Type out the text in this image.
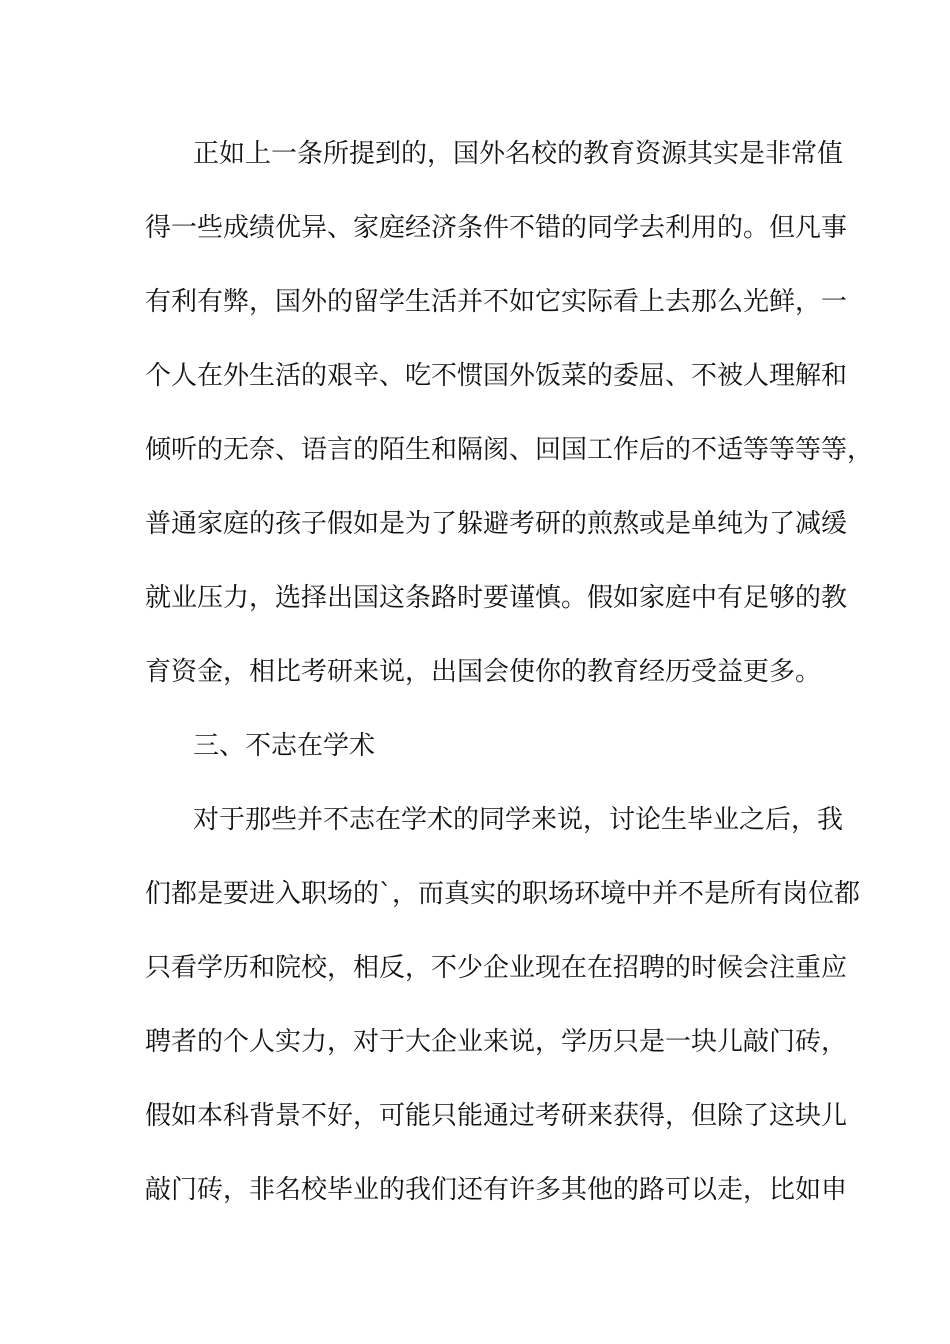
正如上一条所提到的，国外名校的教育资源其实是非常值
得一些成绩优异、家庭经济条件不错的同学去利用的。但凡事
有利有弊，国外的留学生活并不如它实际看上去那么光鲜，一
个人在外生活的艰辛、吃不惯国外饭菜的委屈、不被人理解和
倾听的无奈、语言的陌生和隔阂、回国工作后的不适等等等等，
普通家庭的孩子假如是为了躲避考研的煎熬或是单纯为了减缓
就业压力，选择出国这条路时要谨慎。假如家庭中有足够的教
育资金，相比考研来说，出国会使你的教育经历受益更多。
三、不志在学术
对于那些并不志在学术的同学来说，讨论生毕业之后，我
们都是要进入职场的`，而真实的职场环境中并不是所有岗位都
只看学历和院校，相反，不少企业现在在招聘的时候会注重应
聘者的个人实力，对于大企业来说，学历只是一块儿敲门砖，
假如本科背景不好，可能只能通过考研来获得，但除了这块儿
敲门砖，非名校毕业的我们还有许多其他的路可以走，比如申
